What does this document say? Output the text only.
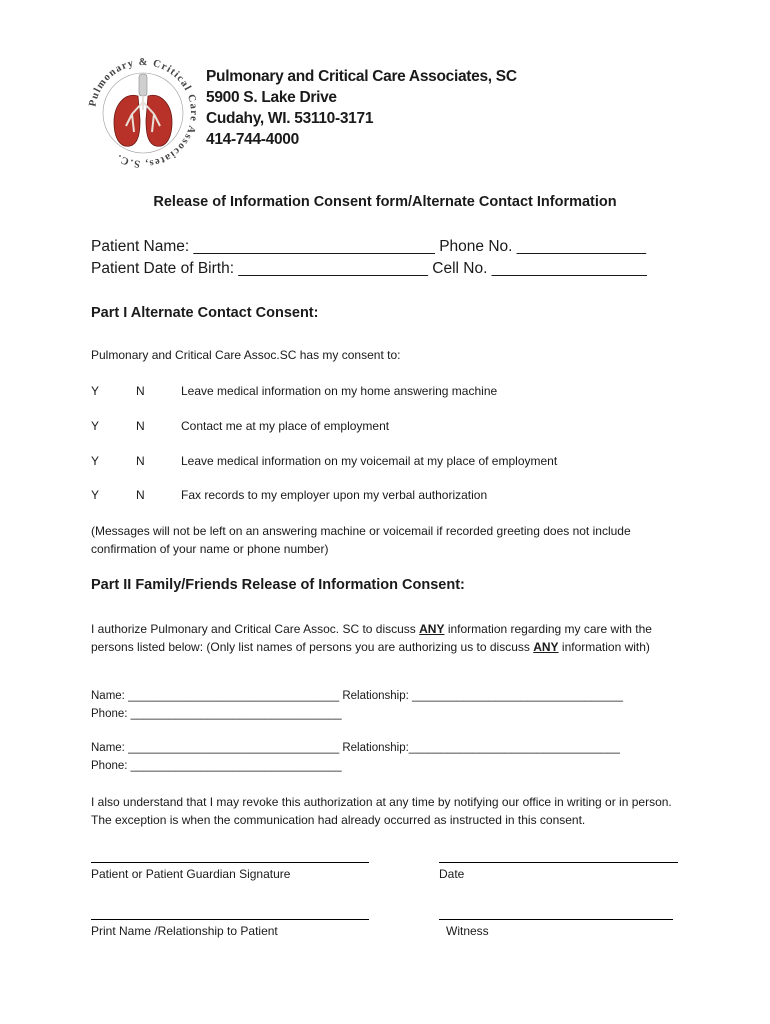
Pulmonary & Critical Care Associates, S.C.
Pulmonary and Critical Care Associates, SC
5900 S. Lake Drive
Cudahy, WI. 53110-3171
414-744-4000
Release of Information Consent form/Alternate Contact Information
Patient Name: ____________________________ Phone No. _______________
Patient Date of Birth: ______________________ Cell No. __________________
Part I Alternate Contact Consent:
Pulmonary and Critical Care Assoc.SC has my consent to:
Y	N	Leave medical information on my home answering machine
Y	N	Contact me at my place of employment
Y	N	Leave medical information on my voicemail at my place of employment
Y	N	Fax records to my employer upon my verbal authorization
(Messages will not be left on an answering machine or voicemail if recorded greeting does not include confirmation of your name or phone number)
Part II Family/Friends Release of Information Consent:
I authorize Pulmonary and Critical Care Assoc. SC to discuss ANY information regarding my care with the persons listed below: (Only list names of persons you are authorizing us to discuss ANY information with)
Name: _________________________________ Relationship: _________________________________
Phone: _________________________________
Name: _________________________________ Relationship:_________________________________
Phone: _________________________________
I also understand that I may revoke this authorization at any time by notifying our office in writing or in person. The exception is when the communication had already occurred as instructed in this consent.
Patient or Patient Guardian Signature	Date
Print Name /Relationship to Patient	Witness
